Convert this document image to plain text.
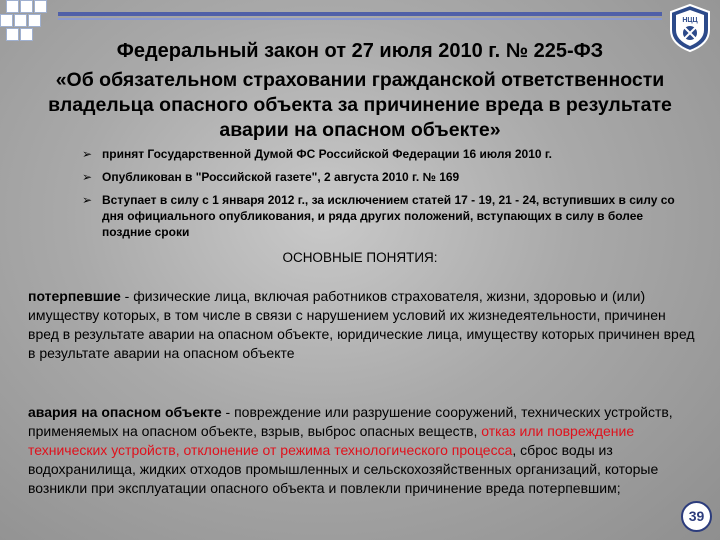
НЦЦ
Федеральный закон от 27 июля 2010 г. № 225-ФЗ
«Об обязательном страховании гражданской ответственности
владельца опасного объекта за причинение вреда в результате
аварии на опасном объекте»
➢ принят Государственной Думой ФС Российской Федерации 16 июля 2010 г.
➢ Опубликован в "Российской газете", 2 августа 2010 г. № 169
➢ Вступает в силу с 1 января 2012 г., за исключением статей 17 - 19, 21 - 24, вступивших в силу со дня официального опубликования, и ряда других положений, вступающих в силу в более поздние сроки
ОСНОВНЫЕ ПОНЯТИЯ:
потерпевшие - физические лица, включая работников страхователя, жизни, здоровью и (или) имуществу которых, в том числе в связи с нарушением условий их жизнедеятельности, причинен вред в результате аварии на опасном объекте, юридические лица, имуществу которых причинен вред в результате аварии на опасном объекте
авария на опасном объекте - повреждение или разрушение сооружений, технических устройств, применяемых на опасном объекте, взрыв, выброс опасных веществ, отказ или повреждение технических устройств, отклонение от режима технологического процесса, сброс воды из водохранилища, жидких отходов промышленных и сельскохозяйственных организаций, которые возникли при эксплуатации опасного объекта и повлекли причинение вреда потерпевшим;
39
